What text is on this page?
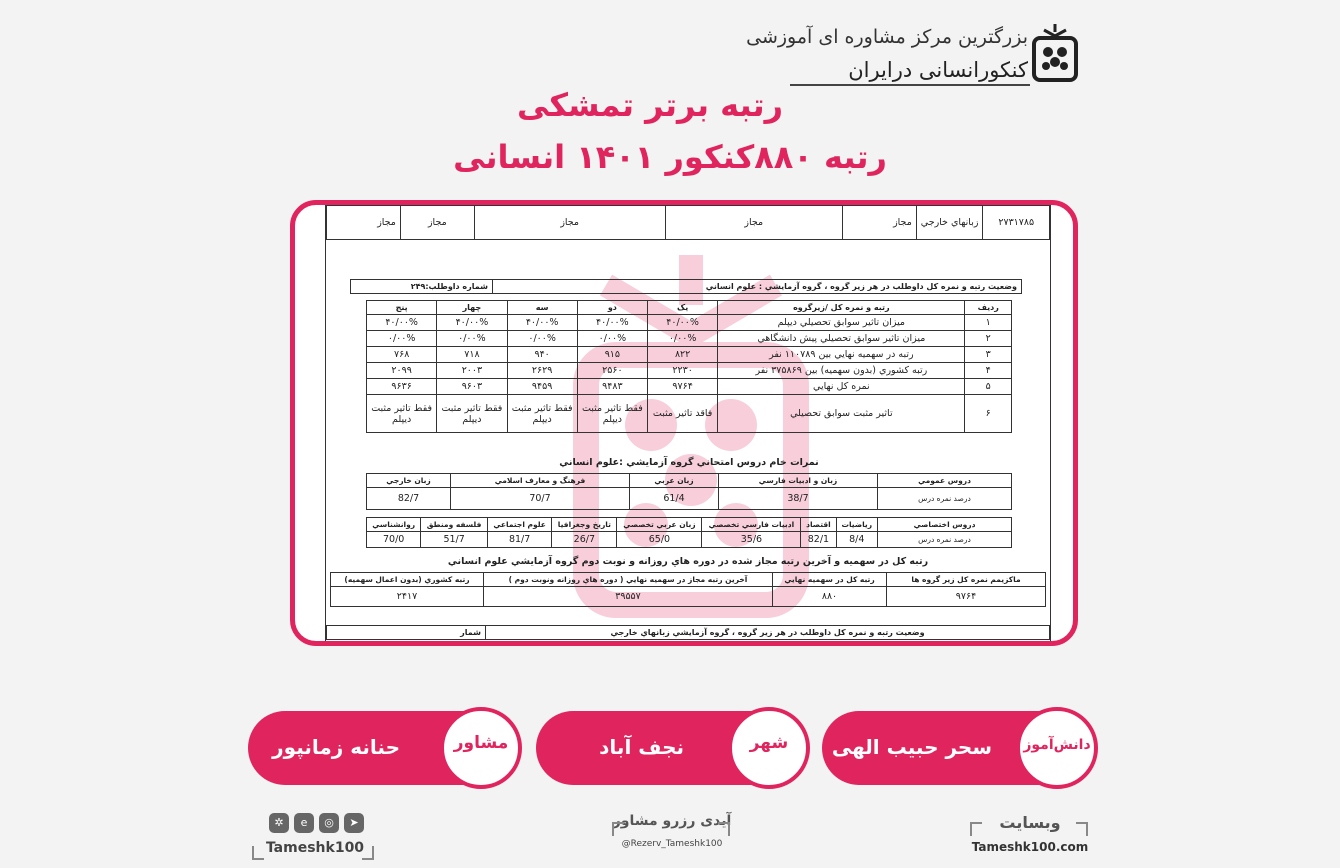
بزرگترین مرکز مشاوره ای آموزشی
کنکورانسانی درایران
رتبه برتر تمشکی
رتبه ۸۸۰کنکور ۱۴۰۱ انسانی
۲۷۳۱۷۸۵	زبانهاي خارجي	مجاز	مجاز	مجاز	مجاز	مجاز
وضعيت رتبه و نمره کل داوطلب در هر زير گروه ، گروه آزمايشي : علوم انساني	شماره داوطلب:۲۴۹
رديف	رتبه و نمره کل /زيرگروه	يک	دو	سه	چهار	پنج
۱	ميزان تاثير سوابق تحصيلي ديپلم	۴۰/۰۰%	۴۰/۰۰%	۴۰/۰۰%	۴۰/۰۰%	۴۰/۰۰%
۲	ميزان تاثير سوابق تحصيلي پيش دانشگاهي	۰/۰۰%	۰/۰۰%	۰/۰۰%	۰/۰۰%	۰/۰۰%
۳	رتبه در سهميه نهايي بين ۱۱۰۷۸۹ نفر	۸۲۲	۹۱۵	۹۴۰	۷۱۸	۷۶۸
۴	رتبه کشوري (بدون سهميه) بين ۳۷۵۸۶۹ نفر	۲۲۳۰	۲۵۶۰	۲۶۲۹	۲۰۰۳	۲۰۹۹
۵	نمره کل نهايي	۹۷۶۴	۹۴۸۳	۹۴۵۹	۹۶۰۳	۹۶۳۶
۶	تاثير مثبت سوابق تحصيلي	فاقد تاثير مثبت	فقط تاثير مثبت ديپلم	فقط تاثير مثبت ديپلم	فقط تاثير مثبت ديپلم	فقط تاثير مثبت ديپلم
نمرات خام دروس امتحاني گروه آزمايشي :علوم انساني
دروس عمومي	زبان و ادبيات فارسي	زبان عربي	فرهنگ و معارف اسلامي	زبان خارجي
درصد نمره درس	38/7	61/4	70/7	82/7
دروس اختصاصي	رياضيات	اقتصاد	ادبيات فارسي تخصصي	زبان عربي تخصصي	تاريخ وجغرافيا	علوم اجتماعي	فلسفه ومنطق	روانشناسي
درصد نمره درس	8/4	82/1	35/6	65/0	26/7	81/7	51/7	70/0
رتبه کل در سهميه و آخرين رتبه مجاز شده در دوره هاي روزانه و نوبت دوم گروه آزمايشي علوم انساني
ماکزيمم نمره کل زير گروه ها	رتبه کل در سهميه نهايي	آخرين رتبه مجاز در سهميه نهايي ( دوره هاي روزانه ونوبت دوم )	رتبه کشوري (بدون اعمال سهميه)
۹۷۶۴	۸۸۰	۳۹۵۵۷	۲۴۱۷
وضعيت رتبه و نمره کل داوطلب در هر زير گروه ، گروه آزمايشي زبانهاي خارجي	شمار
سحر حبیب الهی دانش‌آموز
نجف آباد	شهر
حنانه زمانپور	مشاور
وبسایت
Tameshk100.com
آیدی رزرو مشاور
@Rezerv_Tameshk100
➤
◎
e
✲
Tameshk100
